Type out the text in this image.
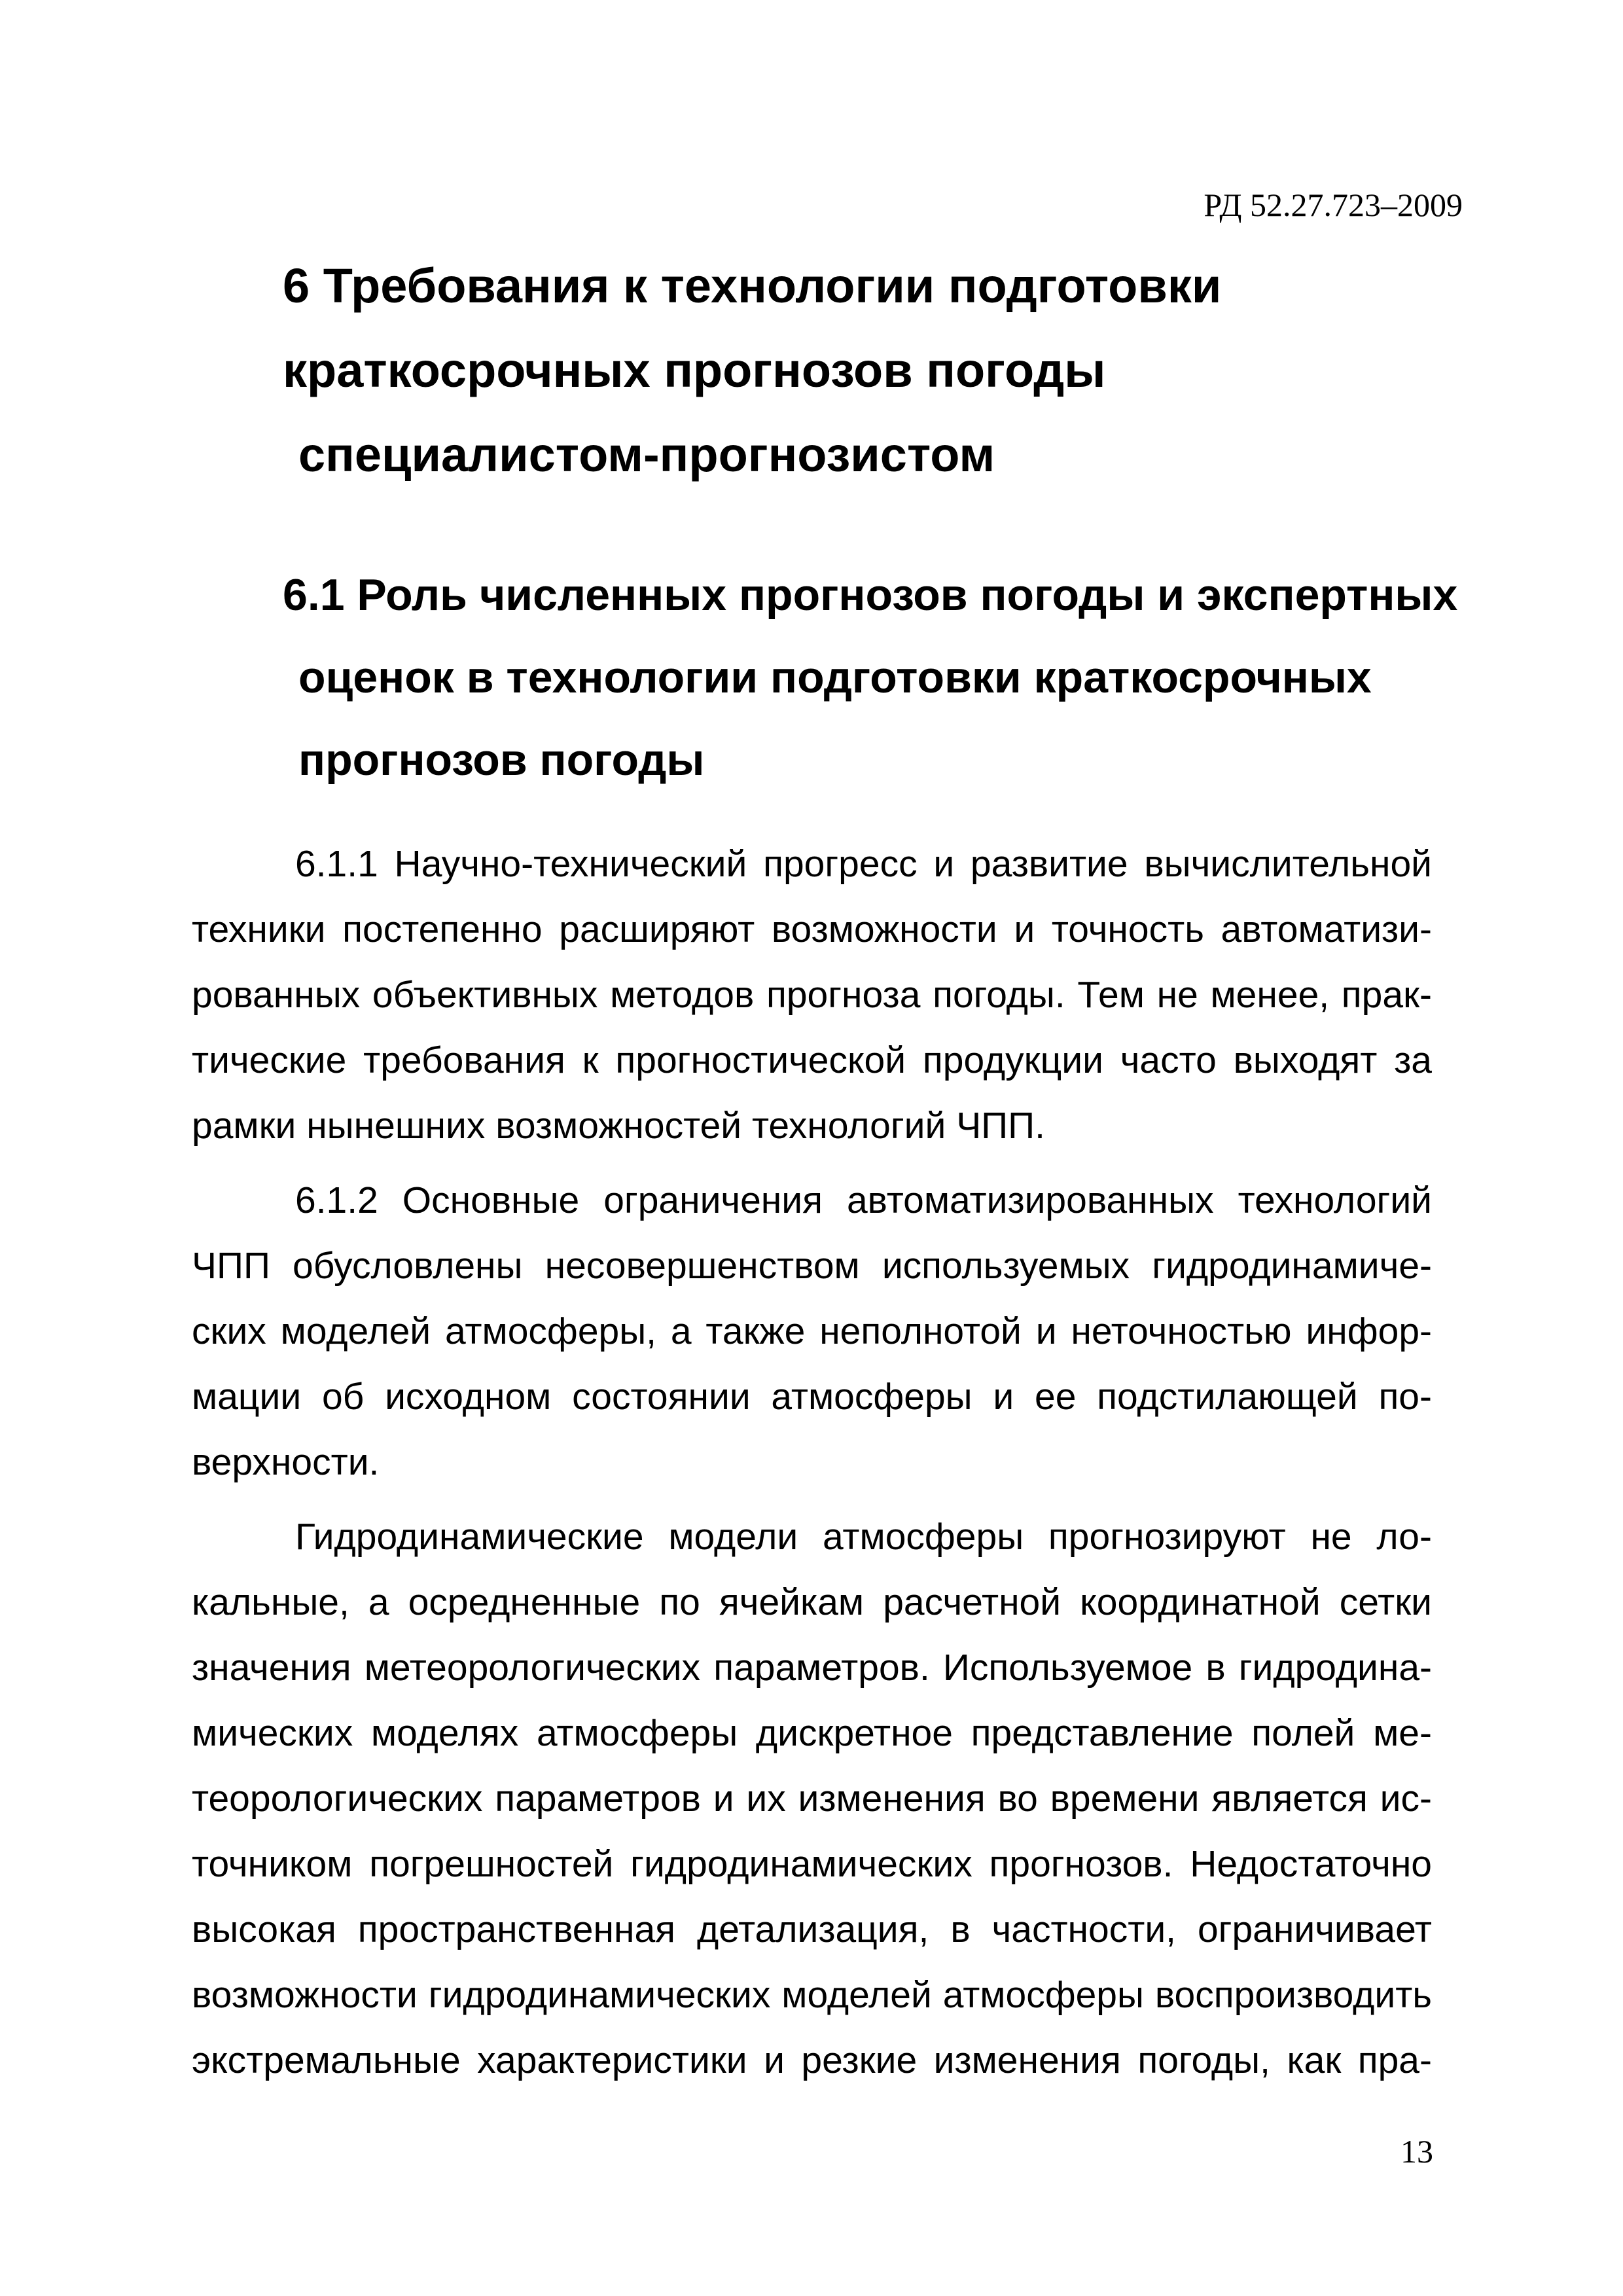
РД 52.27.723–2009
6 Требования к технологии подготовки
краткосрочных прогнозов погоды
специалистом-прогнозистом
6.1 Роль численных прогнозов погоды и экспертных
оценок в технологии подготовки краткосрочных
прогнозов погоды
6.1.1 Научно-технический прогресс и развитие вычислительной
техники постепенно расширяют возможности и точность автоматизи-
рованных объективных методов прогноза погоды. Тем не менее, прак-
тические требования к прогностической продукции часто выходят за
рамки нынешних возможностей технологий ЧПП.
6.1.2 Основные ограничения автоматизированных технологий
ЧПП обусловлены несовершенством используемых гидродинамиче-
ских моделей атмосферы, а также неполнотой и неточностью инфор-
мации об исходном состоянии атмосферы и ее подстилающей по-
верхности.
Гидродинамические модели атмосферы прогнозируют не ло-
кальные, а осредненные по ячейкам расчетной координатной сетки
значения метеорологических параметров. Используемое в гидродина-
мических моделях атмосферы дискретное представление полей ме-
теорологических параметров и их изменения во времени является ис-
точником погрешностей гидродинамических прогнозов. Недостаточно
высокая пространственная детализация, в частности, ограничивает
возможности гидродинамических моделей атмосферы воспроизводить
экстремальные характеристики и резкие изменения погоды, как пра-
13
